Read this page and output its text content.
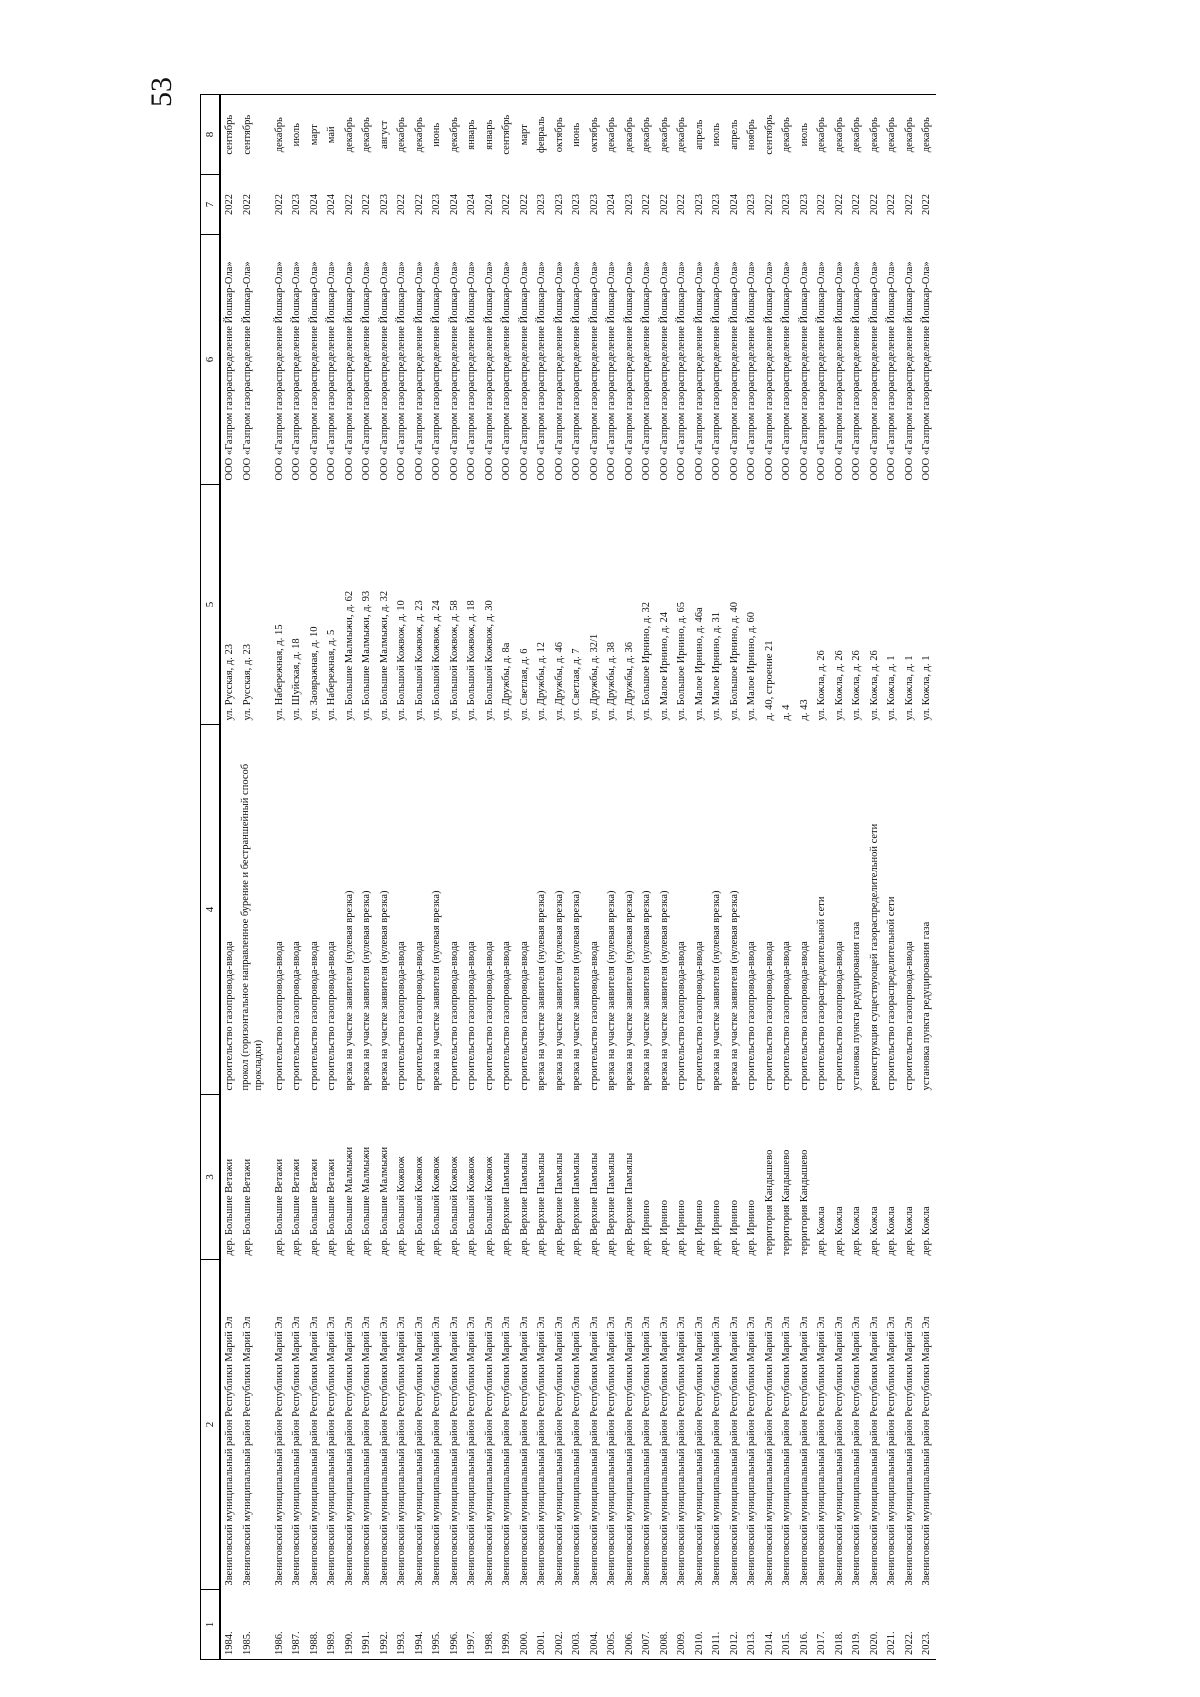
53
1	2	3	4	5	6	7	8
1984.	Звениговский муниципальный район Республики Марий Эл	дер. Большие Ветажи	строительство газопровода-ввода	ул. Русская, д. 23	ООО «Газпром газораспределение Йошкар-Ола»	2022	сентябрь
1985.	Звениговский муниципальный район Республики Марий Эл	дер. Большие Ветажи	прокол (горизонтальное направленное бурение и бестраншейный способ прокладки)	ул. Русская, д. 23	ООО «Газпром газораспределение Йошкар-Ола»	2022	сентябрь
1986.	Звениговский муниципальный район Республики Марий Эл	дер. Большие Ветажи	строительство газопровода-ввода	ул. Набережная, д. 15	ООО «Газпром газораспределение Йошкар-Ола»	2022	декабрь
1987.	Звениговский муниципальный район Республики Марий Эл	дер. Большие Ветажи	строительство газопровода-ввода	ул. Шуйская, д. 18	ООО «Газпром газораспределение Йошкар-Ола»	2023	июль
1988.	Звениговский муниципальный район Республики Марий Эл	дер. Большие Ветажи	строительство газопровода-ввода	ул. Заовражная, д. 10	ООО «Газпром газораспределение Йошкар-Ола»	2024	март
1989.	Звениговский муниципальный район Республики Марий Эл	дер. Большие Ветажи	строительство газопровода-ввода	ул. Набережная, д. 5	ООО «Газпром газораспределение Йошкар-Ола»	2024	май
1990.	Звениговский муниципальный район Республики Марий Эл	дер. Большие Малмыжи	врезка на участке заявителя (нулевая врезка)	ул. Большие Малмыжи, д. 62	ООО «Газпром газораспределение Йошкар-Ола»	2022	декабрь
1991.	Звениговский муниципальный район Республики Марий Эл	дер. Большие Малмыжи	врезка на участке заявителя (нулевая врезка)	ул. Большие Малмыжи, д. 93	ООО «Газпром газораспределение Йошкар-Ола»	2022	декабрь
1992.	Звениговский муниципальный район Республики Марий Эл	дер. Большие Малмыжи	врезка на участке заявителя (нулевая врезка)	ул. Большие Малмыжи, д. 32	ООО «Газпром газораспределение Йошкар-Ола»	2023	август
1993.	Звениговский муниципальный район Республики Марий Эл	дер. Большой Кожвож	строительство газопровода-ввода	ул. Большой Кожвож, д. 10	ООО «Газпром газораспределение Йошкар-Ола»	2022	декабрь
1994.	Звениговский муниципальный район Республики Марий Эл	дер. Большой Кожвож	строительство газопровода-ввода	ул. Большой Кожвож, д. 23	ООО «Газпром газораспределение Йошкар-Ола»	2022	декабрь
1995.	Звениговский муниципальный район Республики Марий Эл	дер. Большой Кожвож	врезка на участке заявителя (нулевая врезка)	ул. Большой Кожвож, д. 24	ООО «Газпром газораспределение Йошкар-Ола»	2023	июнь
1996.	Звениговский муниципальный район Республики Марий Эл	дер. Большой Кожвож	строительство газопровода-ввода	ул. Большой Кожвож, д. 58	ООО «Газпром газораспределение Йошкар-Ола»	2024	декабрь
1997.	Звениговский муниципальный район Республики Марий Эл	дер. Большой Кожвож	строительство газопровода-ввода	ул. Большой Кожвож, д. 18	ООО «Газпром газораспределение Йошкар-Ола»	2024	январь
1998.	Звениговский муниципальный район Республики Марий Эл	дер. Большой Кожвож	строительство газопровода-ввода	ул. Большой Кожвож, д. 30	ООО «Газпром газораспределение Йошкар-Ола»	2024	январь
1999.	Звениговский муниципальный район Республики Марий Эл	дер. Верхние Памъялы	строительство газопровода-ввода	ул. Дружбы, д. 8а	ООО «Газпром газораспределение Йошкар-Ола»	2022	сентябрь
2000.	Звениговский муниципальный район Республики Марий Эл	дер. Верхние Памъялы	строительство газопровода-ввода	ул. Светлая, д. 6	ООО «Газпром газораспределение Йошкар-Ола»	2022	март
2001.	Звениговский муниципальный район Республики Марий Эл	дер. Верхние Памъялы	врезка на участке заявителя (нулевая врезка)	ул. Дружбы, д. 12	ООО «Газпром газораспределение Йошкар-Ола»	2023	февраль
2002.	Звениговский муниципальный район Республики Марий Эл	дер. Верхние Памъялы	врезка на участке заявителя (нулевая врезка)	ул. Дружбы, д. 46	ООО «Газпром газораспределение Йошкар-Ола»	2023	октябрь
2003.	Звениговский муниципальный район Республики Марий Эл	дер. Верхние Памъялы	врезка на участке заявителя (нулевая врезка)	ул. Светлая, д. 7	ООО «Газпром газораспределение Йошкар-Ола»	2023	июнь
2004.	Звениговский муниципальный район Республики Марий Эл	дер. Верхние Памъялы	строительство газопровода-ввода	ул. Дружбы, д. 32/1	ООО «Газпром газораспределение Йошкар-Ола»	2023	октябрь
2005.	Звениговский муниципальный район Республики Марий Эл	дер. Верхние Памъялы	врезка на участке заявителя (нулевая врезка)	ул. Дружбы, д. 38	ООО «Газпром газораспределение Йошкар-Ола»	2024	декабрь
2006.	Звениговский муниципальный район Республики Марий Эл	дер. Верхние Памъялы	врезка на участке заявителя (нулевая врезка)	ул. Дружбы, д. 36	ООО «Газпром газораспределение Йошкар-Ола»	2023	декабрь
2007.	Звениговский муниципальный район Республики Марий Эл	дер. Ирнино	врезка на участке заявителя (нулевая врезка)	ул. Большое Ирнино, д. 32	ООО «Газпром газораспределение Йошкар-Ола»	2022	декабрь
2008.	Звениговский муниципальный район Республики Марий Эл	дер. Ирнино	врезка на участке заявителя (нулевая врезка)	ул. Малое Ирнино, д. 24	ООО «Газпром газораспределение Йошкар-Ола»	2022	декабрь
2009.	Звениговский муниципальный район Республики Марий Эл	дер. Ирнино	строительство газопровода-ввода	ул. Большое Ирнино, д. 65	ООО «Газпром газораспределение Йошкар-Ола»	2022	декабрь
2010.	Звениговский муниципальный район Республики Марий Эл	дер. Ирнино	строительство газопровода-ввода	ул. Малое Ирнино, д. 46а	ООО «Газпром газораспределение Йошкар-Ола»	2023	апрель
2011.	Звениговский муниципальный район Республики Марий Эл	дер. Ирнино	врезка на участке заявителя (нулевая врезка)	ул. Малое Ирнино, д. 31	ООО «Газпром газораспределение Йошкар-Ола»	2023	июль
2012.	Звениговский муниципальный район Республики Марий Эл	дер. Ирнино	врезка на участке заявителя (нулевая врезка)	ул. Большое Ирнино, д. 40	ООО «Газпром газораспределение Йошкар-Ола»	2024	апрель
2013.	Звениговский муниципальный район Республики Марий Эл	дер. Ирнино	строительство газопровода-ввода	ул. Малое Ирнино, д. 60	ООО «Газпром газораспределение Йошкар-Ола»	2023	ноябрь
2014.	Звениговский муниципальный район Республики Марий Эл	территория Кандышево	строительство газопровода-ввода	д. 40, строение 21	ООО «Газпром газораспределение Йошкар-Ола»	2022	сентябрь
2015.	Звениговский муниципальный район Республики Марий Эл	территория Кандышево	строительство газопровода-ввода	д. 4	ООО «Газпром газораспределение Йошкар-Ола»	2023	декабрь
2016.	Звениговский муниципальный район Республики Марий Эл	территория Кандышево	строительство газопровода-ввода	д. 43	ООО «Газпром газораспределение Йошкар-Ола»	2023	июль
2017.	Звениговский муниципальный район Республики Марий Эл	дер. Кожла	строительство газораспределительной сети	ул. Кожла, д. 26	ООО «Газпром газораспределение Йошкар-Ола»	2022	декабрь
2018.	Звениговский муниципальный район Республики Марий Эл	дер. Кожла	строительство газопровода-ввода	ул. Кожла, д. 26	ООО «Газпром газораспределение Йошкар-Ола»	2022	декабрь
2019.	Звениговский муниципальный район Республики Марий Эл	дер. Кожла	установка пункта редуцирования газа	ул. Кожла, д. 26	ООО «Газпром газораспределение Йошкар-Ола»	2022	декабрь
2020.	Звениговский муниципальный район Республики Марий Эл	дер. Кожла	реконструкция существующей газораспределительной сети	ул. Кожла, д. 26	ООО «Газпром газораспределение Йошкар-Ола»	2022	декабрь
2021.	Звениговский муниципальный район Республики Марий Эл	дер. Кожла	строительство газораспределительной сети	ул. Кожла, д. 1	ООО «Газпром газораспределение Йошкар-Ола»	2022	декабрь
2022.	Звениговский муниципальный район Республики Марий Эл	дер. Кожла	строительство газопровода-ввода	ул. Кожла, д. 1	ООО «Газпром газораспределение Йошкар-Ола»	2022	декабрь
2023.	Звениговский муниципальный район Республики Марий Эл	дер. Кожла	установка пункта редуцирования газа	ул. Кожла, д. 1	ООО «Газпром газораспределение Йошкар-Ола»	2022	декабрь
